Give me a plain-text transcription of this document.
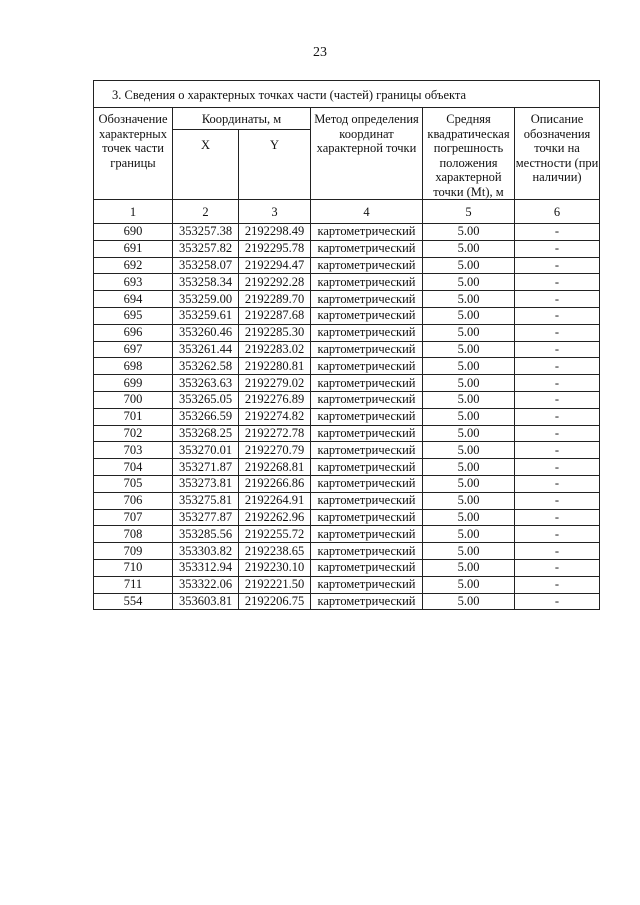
23
3. Сведения о характерных точках части (частей) границы объекта					
Обозначение характерных точек части границы	Координаты, м		Метод определения координат характерной точки	Средняя квадратическая погрешность положения характерной точки (Mt), м	Описание обозначения точки на местности (при наличии)
	X	Y			
1	2	3	4	5	6
690	353257.38	2192298.49	картометрический	5.00	-
691	353257.82	2192295.78	картометрический	5.00	-
692	353258.07	2192294.47	картометрический	5.00	-
693	353258.34	2192292.28	картометрический	5.00	-
694	353259.00	2192289.70	картометрический	5.00	-
695	353259.61	2192287.68	картометрический	5.00	-
696	353260.46	2192285.30	картометрический	5.00	-
697	353261.44	2192283.02	картометрический	5.00	-
698	353262.58	2192280.81	картометрический	5.00	-
699	353263.63	2192279.02	картометрический	5.00	-
700	353265.05	2192276.89	картометрический	5.00	-
701	353266.59	2192274.82	картометрический	5.00	-
702	353268.25	2192272.78	картометрический	5.00	-
703	353270.01	2192270.79	картометрический	5.00	-
704	353271.87	2192268.81	картометрический	5.00	-
705	353273.81	2192266.86	картометрический	5.00	-
706	353275.81	2192264.91	картометрический	5.00	-
707	353277.87	2192262.96	картометрический	5.00	-
708	353285.56	2192255.72	картометрический	5.00	-
709	353303.82	2192238.65	картометрический	5.00	-
710	353312.94	2192230.10	картометрический	5.00	-
711	353322.06	2192221.50	картометрический	5.00	-
554	353603.81	2192206.75	картометрический	5.00	-
